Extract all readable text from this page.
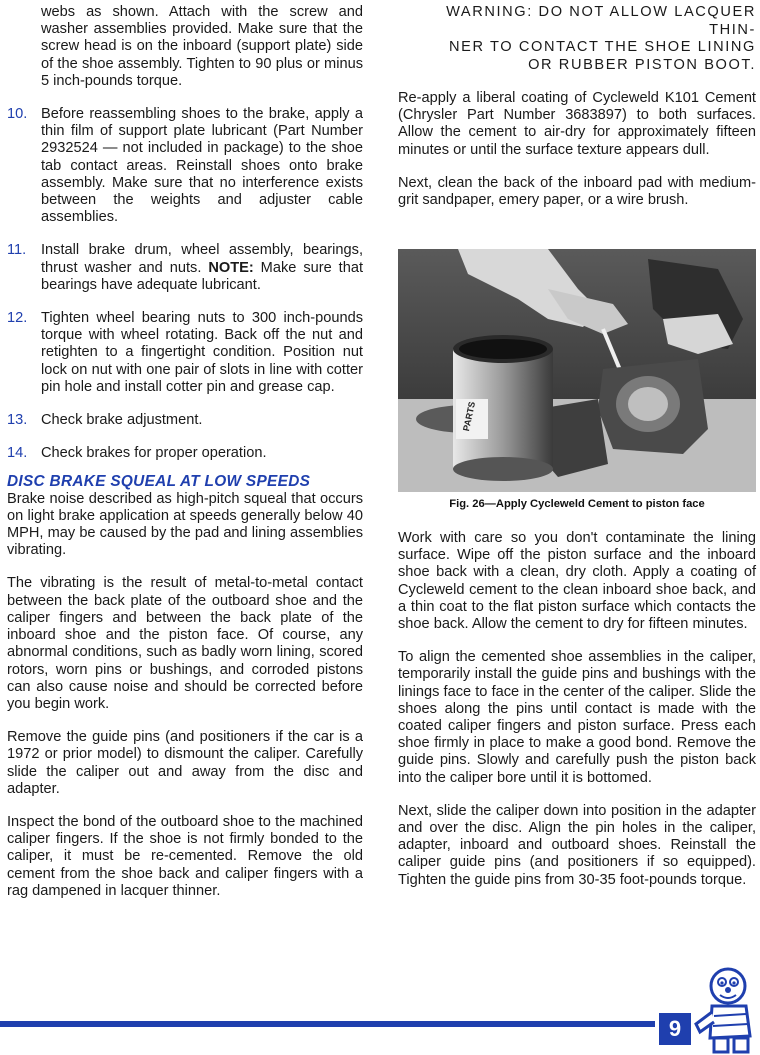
webs as shown. Attach with the screw and washer assemblies provided. Make sure that the screw head is on the inboard (support plate) side of the shoe assembly. Tighten to 90 plus or minus 5 inch-pounds torque.

10. Before reassembling shoes to the brake, apply a thin film of support plate lubricant (Part Number 2932524 — not included in package) to the shoe tab contact areas. Reinstall shoes onto brake assembly. Make sure that no interference exists between the weights and adjuster cable assemblies.
11.	Install brake drum, wheel assembly, bearings, thrust washer and nuts. NOTE: Make sure that bearings have adequate lubricant.
12. Tighten wheel bearing nuts to 300 inch-pounds torque with wheel rotating. Back off the nut and retighten to a fingertight condition. Position nut lock on nut with one pair of slots in line with cotter pin hole and install cotter pin and grease cap.
13. Check brake adjustment.
14. Check brakes for proper operation.
DISC BRAKE SQUEAL AT LOW SPEEDS

Brake noise described as high-pitch squeal that occurs on light brake application at speeds generally below 40 MPH, may be caused by the pad and lining assemblies vibrating.

The vibrating is the result of metal-to-metal contact between the back plate of the outboard shoe and the caliper fingers and between the back plate of the inboard shoe and the piston face. Of course, any abnormal conditions, such as badly worn lining, scored rotors, worn pins or bushings, and corroded pistons can also cause noise and should be corrected before you begin work.

Remove the guide pins (and positioners if the car is a 1972 or prior model) to dismount the caliper. Carefully slide the caliper out and away from the disc and adapter.

Inspect the bond of the outboard shoe to the machined caliper fingers. If the shoe is not firmly bonded to the caliper, it must be re-cemented. Remove the old cement from the shoe back and caliper fingers with a rag dampened in lacquer thinner.

WARNING: DO NOT ALLOW LACQUER THIN-
NER TO CONTACT THE SHOE LINING
OR RUBBER PISTON BOOT.

Re-apply a liberal coating of Cycleweld K101 Cement (Chrysler Part Number 3683897) to both surfaces. Allow the cement to air-dry for approximately fifteen minutes or until the surface texture appears dull.

Next, clean the back of the inboard pad with medium-grit sandpaper, emery paper, or a wire brush.

PARTS
Fig. 26—Apply Cycleweld Cement to piston face

Work with care so you don't contaminate the lining surface. Wipe off the piston surface and the inboard shoe back with a clean, dry cloth. Apply a coating of Cycleweld cement to the clean inboard shoe back, and a thin coat to the flat piston surface which contacts the shoe back. Allow the cement to dry for fifteen minutes.

To align the cemented shoe assemblies in the caliper, temporarily install the guide pins and bushings with the linings face to face in the center of the caliper. Slide the shoes along the pins until contact is made with the coated caliper fingers and piston surface. Press each shoe firmly in place to make a good bond. Remove the guide pins. Slowly and carefully push the piston back into the caliper bore until it is bottomed.

Next, slide the caliper down into position in the adapter and over the disc. Align the pin holes in the caliper, adapter, inboard and outboard shoes. Reinstall the caliper guide pins (and positioners if so equipped). Tighten the guide pins from 30-35 foot-pounds torque.

9
